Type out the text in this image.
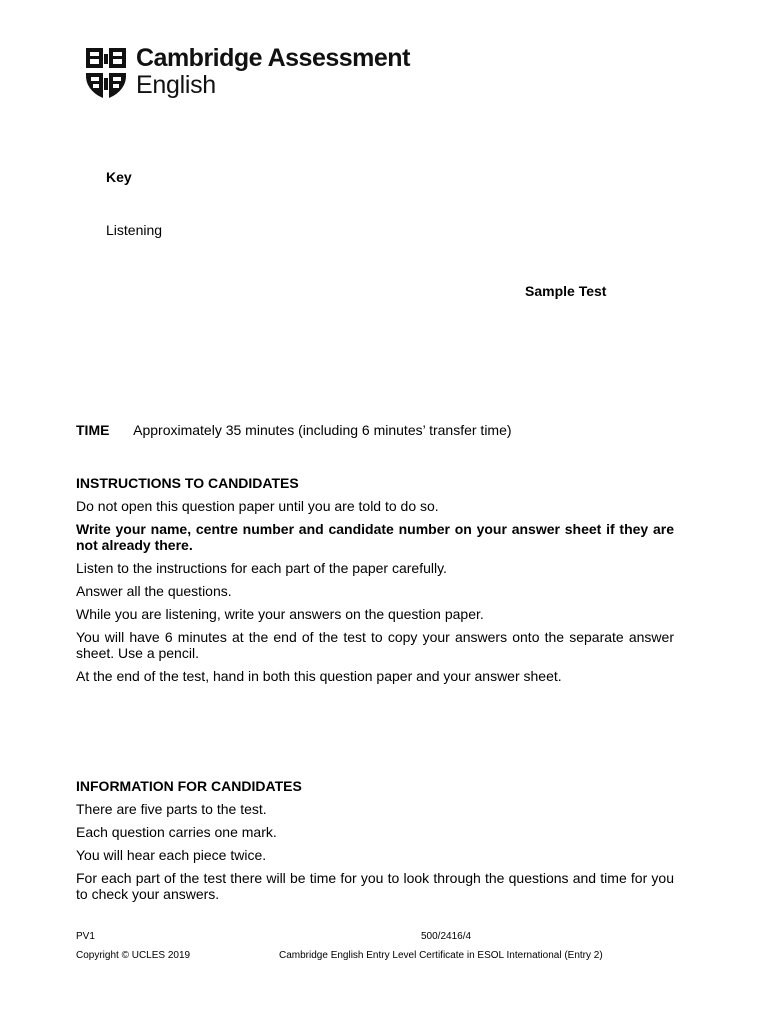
Cambridge Assessment
English
Key
Listening
Sample Test
TIME Approximately 35 minutes (including 6 minutes’ transfer time)
INSTRUCTIONS TO CANDIDATES

Do not open this question paper until you are told to do so.

Write your name, centre number and candidate number on your answer sheet if they are not already there.

Listen to the instructions for each part of the paper carefully.

Answer all the questions.

While you are listening, write your answers on the question paper.

You will have 6 minutes at the end of the test to copy your answers onto the separate answer sheet. Use a pencil.

At the end of the test, hand in both this question paper and your answer sheet.

INFORMATION FOR CANDIDATES

There are five parts to the test.

Each question carries one mark.

You will hear each piece twice.

For each part of the test there will be time for you to look through the questions and time for you to check your answers.

PV1	500/2416/4
Copyright © UCLES 2019	Cambridge English Entry Level Certificate in ESOL International (Entry 2)
